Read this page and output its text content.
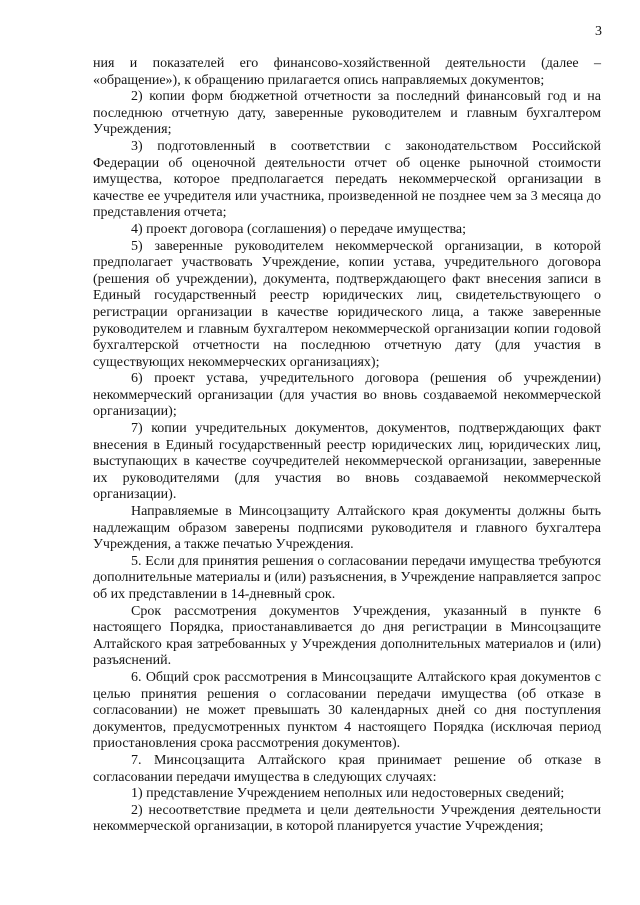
3

ния и показателей его финансово-хозяйственной деятельности (далее – «обращение»), к обращению прилагается опись направляемых документов;

2) копии форм бюджетной отчетности за последний финансовый год и на последнюю отчетную дату, заверенные руководителем и главным бухгалтером Учреждения;

3) подготовленный в соответствии с законодательством Российской Федерации об оценочной деятельности отчет об оценке рыночной стоимости имущества, которое предполагается передать некоммерческой организации в качестве ее учредителя или участника, произведенной не позднее чем за 3 месяца до представления отчета;

4) проект договора (соглашения) о передаче имущества;

5) заверенные руководителем некоммерческой организации, в которой предполагает участвовать Учреждение, копии устава, учредительного договора (решения об учреждении), документа, подтверждающего факт внесения записи в Единый государственный реестр юридических лиц, свидетельствующего о регистрации организации в качестве юридического лица, а также заверенные руководителем и главным бухгалтером некоммерческой организации копии годовой бухгалтерской отчетности на последнюю отчетную дату (для участия в существующих некоммерческих организациях);

6) проект устава, учредительного договора (решения об учреждении) некоммерческий организации (для участия во вновь создаваемой некоммерческой организации);

7) копии учредительных документов, документов, подтверждающих факт внесения в Единый государственный реестр юридических лиц, юридических лиц, выступающих в качестве соучредителей некоммерческой организации, заверенные их руководителями (для участия во вновь создаваемой некоммерческой организации).

Направляемые в Минсоцзащиту Алтайского края документы должны быть надлежащим образом заверены подписями руководителя и главного бухгалтера Учреждения, а также печатью Учреждения.

5. Если для принятия решения о согласовании передачи имущества требуются дополнительные материалы и (или) разъяснения, в Учреждение направляется запрос об их представлении в 14-дневный срок.

Срок рассмотрения документов Учреждения, указанный в пункте 6 настоящего Порядка, приостанавливается до дня регистрации в Минсоцзащите Алтайского края затребованных у Учреждения дополнительных материалов и (или) разъяснений.

6. Общий срок рассмотрения в Минсоцзащите Алтайского края документов с целью принятия решения о согласовании передачи имущества (об отказе в согласовании) не может превышать 30 календарных дней со дня поступления документов, предусмотренных пунктом 4 настоящего Порядка (исключая период приостановления срока рассмотрения документов).

7. Минсоцзащита Алтайского края принимает решение об отказе в согласовании передачи имущества в следующих случаях:

1) представление Учреждением неполных или недостоверных сведений;

2) несоответствие предмета и цели деятельности Учреждения деятельности некоммерческой организации, в которой планируется участие Учреждения;
